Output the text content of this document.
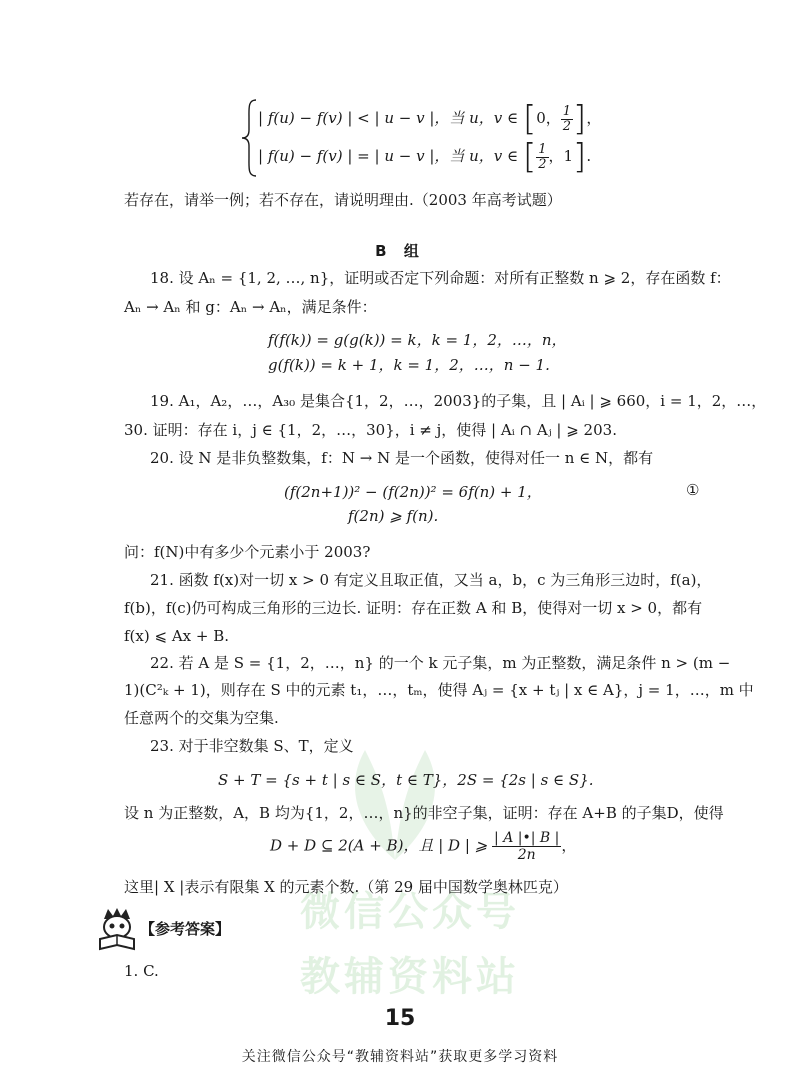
微信公众号
教辅资料站
| f(u) − f(v) | < | u − v |，当 u，v ∈ [0， $\frac{1}{2}$ ]，
| f(u) − f(v) | = | u − v |，当 u，v ∈ [ $\frac{1}{2}$ ，1].
若存在，请举一例；若不存在，请说明理由.（2003 年高考试题）
B 组
18. 设 Aₙ = {1, 2, …, n}，证明或否定下列命题：对所有正整数 n ⩾ 2，存在函数 f：
Aₙ → Aₙ 和 g：Aₙ → Aₙ，满足条件：
f(f(k)) = g(g(k)) = k，k = 1，2，…，n，
g(f(k)) = k + 1，k = 1，2，…，n − 1.
19. A₁，A₂，…，A₃₀ 是集合{1，2，…，2003}的子集，且 | Aᵢ | ⩾ 660，i = 1，2，…，
30. 证明：存在 i，j ∈ {1，2，…，30}，i ≠ j，使得 | Aᵢ ∩ Aⱼ | ⩾ 203.
20. 设 N 是非负整数集，f：N → N 是一个函数，使得对任一 n ∈ N，都有
(f(2n+1))² − (f(2n))² = 6f(n) + 1，	①
f(2n) ⩾ f(n).
问：f(N)中有多少个元素小于 2003?
21. 函数 f(x)对一切 x > 0 有定义且取正值，又当 a，b，c 为三角形三边时，f(a)，
f(b)，f(c)仍可构成三角形的三边长. 证明：存在正数 A 和 B，使得对一切 x > 0，都有
f(x) ⩽ Ax + B.
22. 若 A 是 S = {1，2，…，n} 的一个 k 元子集，m 为正整数，满足条件 n > (m −
1)(C²ₖ + 1)，则存在 S 中的元素 t₁，…，tₘ，使得 Aⱼ = {x + tⱼ | x ∈ A}，j = 1，…，m 中
任意两个的交集为空集.
23. 对于非空数集 S、T，定义
S + T = {s + t | s ∈ S，t ∈ T}，2S = {2s | s ∈ S}.
设 n 为正整数，A，B 均为{1，2，…，n}的非空子集，证明：存在 A+B 的子集D，使得
D + D ⊆ 2(A + B)，且 | D | ⩾ $\frac{| A |•| B |}{2n}$ ，
这里| X |表示有限集 X 的元素个数.（第 29 届中国数学奥林匹克）
【参考答案】
1. C.
15
关注微信公众号“教辅资料站”获取更多学习资料
